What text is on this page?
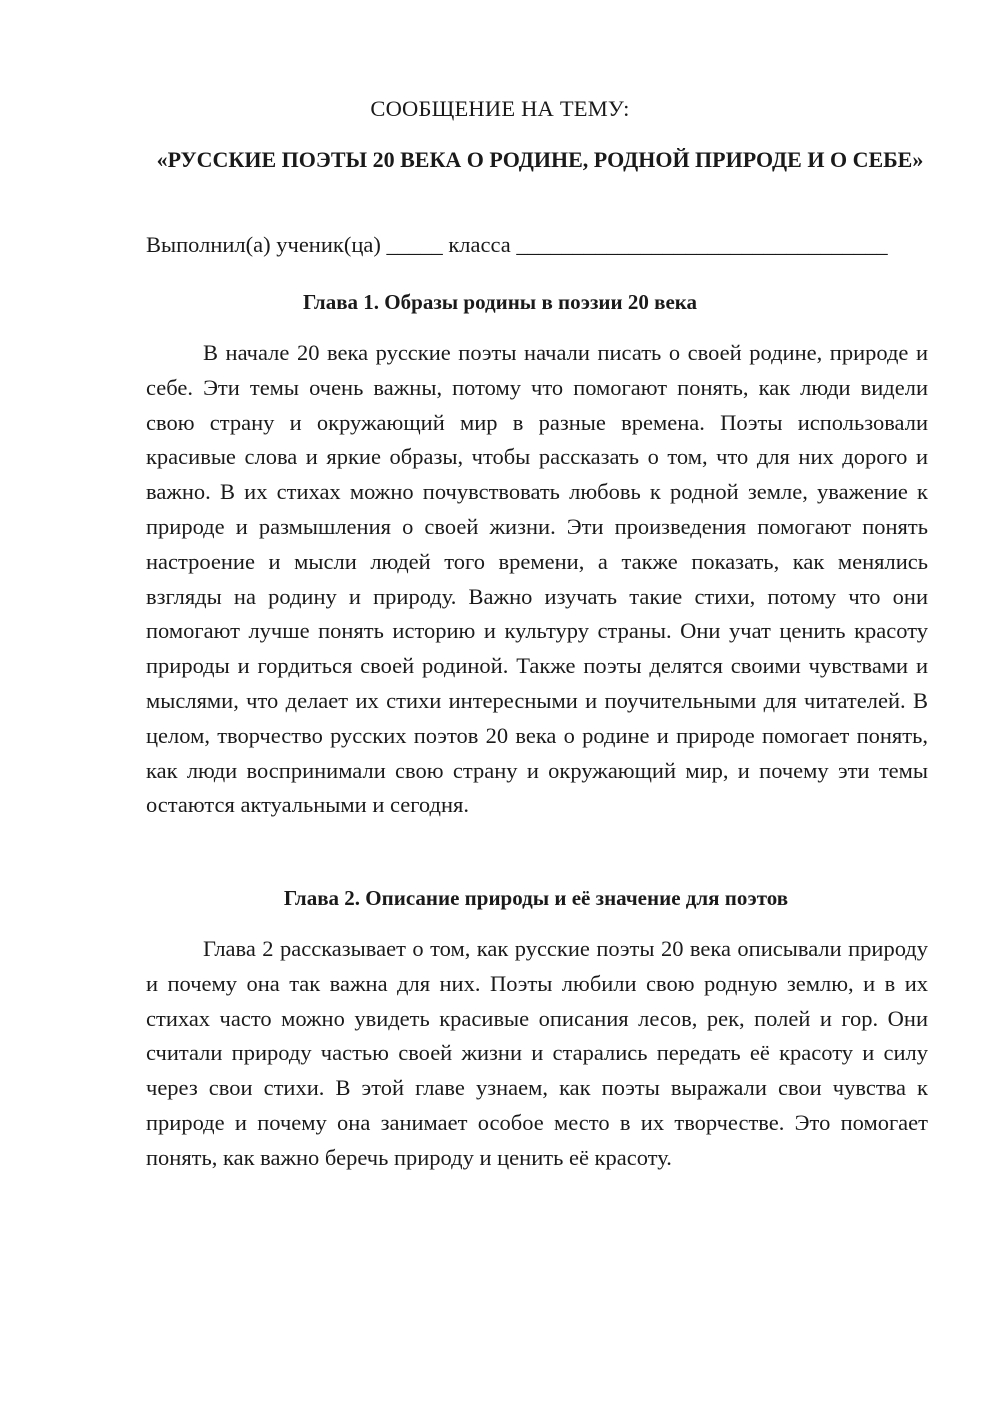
СООБЩЕНИЕ НА ТЕМУ:
«РУССКИЕ ПОЭТЫ 20 ВЕКА О РОДИНЕ, РОДНОЙ ПРИРОДЕ И О СЕБЕ»
Выполнил(а) ученик(ца) _____ класса _________________________________
Глава 1. Образы родины в поэзии 20 века

В начале 20 века русские поэты начали писать о своей родине, природе и себе. Эти темы очень важны, потому что помогают понять, как люди видели свою страну и окружающий мир в разные времена. Поэты использовали красивые слова и яркие образы, чтобы рассказать о том, что для них дорого и важно. В их стихах можно почувствовать любовь к родной земле, уважение к природе и размышления о своей жизни. Эти произведения помогают понять настроение и мысли людей того времени, а также показать, как менялись взгляды на родину и природу. Важно изучать такие стихи, потому что они помогают лучше понять историю и культуру страны. Они учат ценить красоту природы и гордиться своей родиной. Также поэты делятся своими чувствами и мыслями, что делает их стихи интересными и поучительными для читателей. В целом, творчество русских поэтов 20 века о родине и природе помогает понять, как люди воспринимали свою страну и окружающий мир, и почему эти темы остаются актуальными и сегодня.

Глава 2. Описание природы и её значение для поэтов

Глава 2 рассказывает о том, как русские поэты 20 века описывали природу и почему она так важна для них. Поэты любили свою родную землю, и в их стихах часто можно увидеть красивые описания лесов, рек, полей и гор. Они считали природу частью своей жизни и старались передать её красоту и силу через свои стихи. В этой главе узнаем, как поэты выражали свои чувства к природе и почему она занимает особое место в их творчестве. Это помогает понять, как важно беречь природу и ценить её красоту.
